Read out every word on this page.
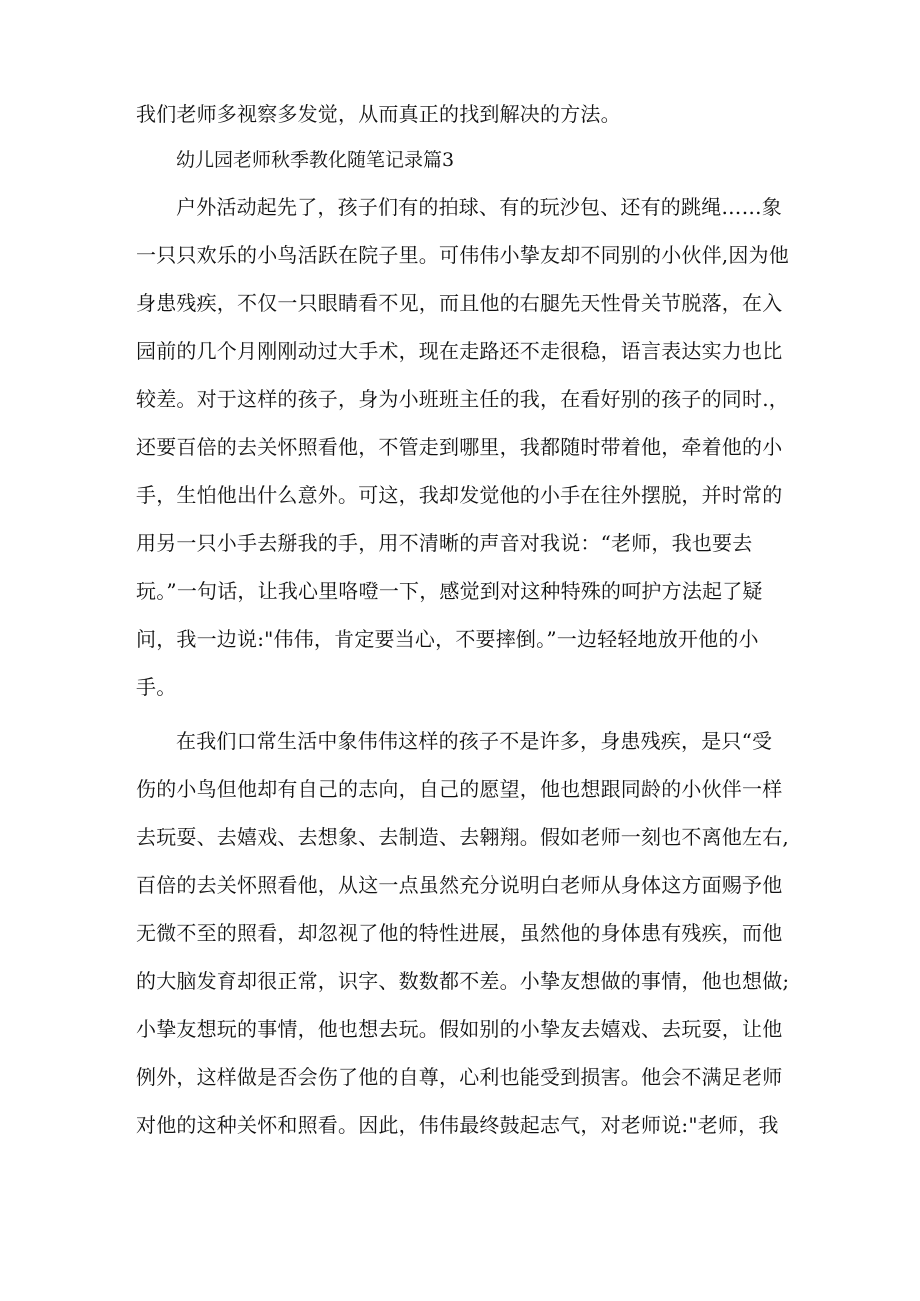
我们老师多视察多发觉，从而真正的找到解决的方法。
幼儿园老师秋季教化随笔记录篇3
户外活动起先了，孩子们有的拍球、有的玩沙包、还有的跳绳……象
一只只欢乐的小鸟活跃在院子里。可伟伟小挚友却不同别的小伙伴,因为他
身患残疾，不仅一只眼睛看不见，而且他的右腿先天性骨关节脱落，在入
园前的几个月刚刚动过大手术，现在走路还不走很稳，语言表达实力也比
较差。对于这样的孩子，身为小班班主任的我，在看好别的孩子的同时.，
还要百倍的去关怀照看他，不管走到哪里，我都随时带着他，牵着他的小
手，生怕他出什么意外。可这，我却发觉他的小手在往外摆脱，并时常的
用另一只小手去掰我的手，用不清晰的声音对我说：“老师，我也要去
玩。”一句话，让我心里咯噔一下，感觉到对这种特殊的呵护方法起了疑
问，我一边说:"伟伟，肯定要当心，不要摔倒。”一边轻轻地放开他的小
手。
在我们口常生活中象伟伟这样的孩子不是许多，身患残疾，是只“受
伤的小鸟但他却有自己的志向，自己的愿望，他也想跟同龄的小伙伴一样
去玩耍、去嬉戏、去想象、去制造、去翱翔。假如老师一刻也不离他左右,
百倍的去关怀照看他，从这一点虽然充分说明白老师从身体这方面赐予他
无微不至的照看，却忽视了他的特性进展，虽然他的身体患有残疾，而他
的大脑发育却很正常，识字、数数都不差。小挚友想做的事情，他也想做;
小挚友想玩的事情，他也想去玩。假如别的小挚友去嬉戏、去玩耍，让他
例外，这样做是否会伤了他的自尊，心利也能受到损害。他会不满足老师
对他的这种关怀和照看。因此，伟伟最终鼓起志气，对老师说:"老师，我
